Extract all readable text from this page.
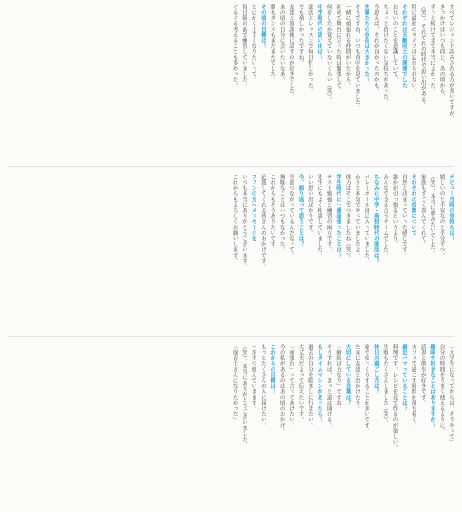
すべてレジェンド読みされる方が多いですが、
きっかけはいつも同じ。あの頃から、
ずっと続けてきて本当によかった。
（笑）。それぞれの時代で思い出がある。
特に最初のライブは忘れられない。
それぞれは天敵同士の関係でした
お互いのことを意識していて、
ちょっと負けたくない気持ちがあった。
今思えば、それが良かったのかも。
先輩たちの存在は大きかった？
そうですね、いつも背中を見ていました。
一緒に頑張れる仲間がいたから。
初めて舞台に立った時は緊張して、
何をしたか覚えていないくらい（笑）。
中学時代の思い出は？
部活とレッスンで毎日忙しかった。
でも楽しかったですね。
友達と放課後に話すのが好きでした。
あの頃の自分に会いたいなあ。
歌もダンスもまだまだでした。
その頃の目標は？
とにかく上手くなりたいって。
毎日鏡の前で練習していました。
ぐるぐる考えることも多かった。
デビュー当時の気持ちは？
嬉しいのと不安なのと半分ずつ。
（笑）。本当に夢みたいでした。
家族もすごく喜んでくれて。
それぞれの役割について
自然と決まっていった感じです。
誰かが引っ張るというより、
みんなで支え合うチームでした。
ちなみに中学・高校時代の部活は？
バレーボール部に入っていました。
わりと本気でやっていましたよ。
体力はそこでつきましたね（笑）。
学生時代に一番頑張ったことは？
テスト勉強と練習の両立です。
先生にもよく相談していました。
いい思い出ばかりです。
今、振り返って思うことは？
全部つながっているんだなって。
無駄なことは一つもなかった。
これからもそうありたいです。
応援してくれる皆さんのおかげです。
ファンの方へメッセージを
いつも本当にありがとうございます。
これからもよろしくお願いします。
「大学生になってからは、そうやって」
自分の時間をうまく使えるように。
趣味や好きなことはありますか？
読書と散歩が好きです。
カフェで過ごす時間が落ち着く。
最近ハマっていることは？
料理です。レシピを見て作るのが楽しい。
失敗もたくさんしました（笑）。
休日の過ごし方は？
家でゆっくりすることが多いです。
たまに友達と出かけたり。
大切にしている言葉は？
「継続は力なり」ですね。
そうすれば、きっと道は開ける。
もしタイムマシンがあったら？
過去の自分を励ましに行きたい。
大丈夫だよって伝えたいです。
「頑張れ」って言ってあげたい。
今の私があるのはあの頃のおかげ。
これからの目標は？
もっとたくさんの人に届けたい。
一歩ずつ進んでいきます。
（笑）。本当にありがとうございました。
「保育士さんになりたかった」
